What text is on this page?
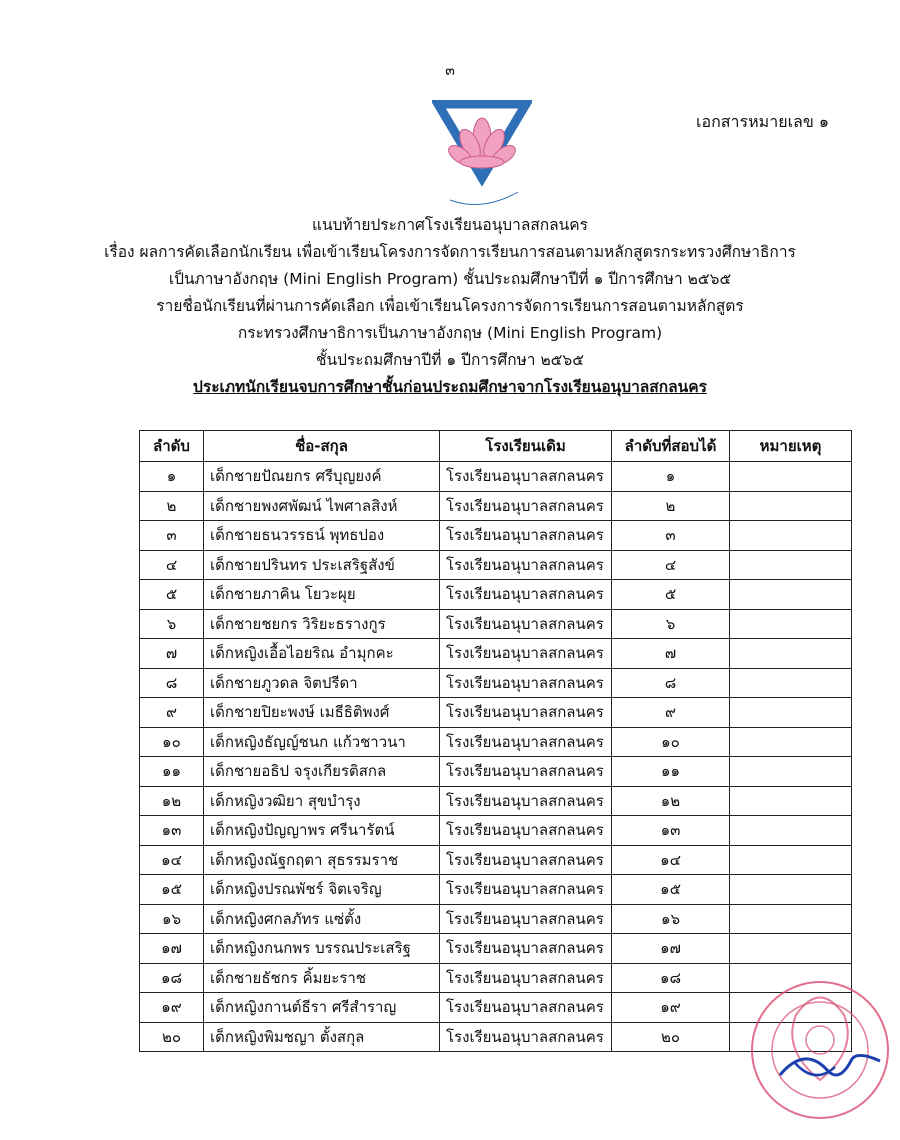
๓
เอกสารหมายเลข ๑
แนบท้ายประกาศโรงเรียนอนุบาลสกลนคร
เรื่อง ผลการคัดเลือกนักเรียน เพื่อเข้าเรียนโครงการจัดการเรียนการสอนตามหลักสูตรกระทรวงศึกษาธิการ
เป็นภาษาอังกฤษ (Mini English Program) ชั้นประถมศึกษาปีที่ ๑ ปีการศึกษา ๒๕๖๕
รายชื่อนักเรียนที่ผ่านการคัดเลือก เพื่อเข้าเรียนโครงการจัดการเรียนการสอนตามหลักสูตร
กระทรวงศึกษาธิการเป็นภาษาอังกฤษ (Mini English Program)
ชั้นประถมศึกษาปีที่ ๑ ปีการศึกษา ๒๕๖๕
ประเภทนักเรียนจบการศึกษาชั้นก่อนประถมศึกษาจากโรงเรียนอนุบาลสกลนคร
ลำดับ	ชื่อ-สกุล	โรงเรียนเดิม	ลำดับที่สอบได้	หมายเหตุ
๑	เด็กชายปัณยกร ศรีบุญยงค์	โรงเรียนอนุบาลสกลนคร	๑	
๒	เด็กชายพงศพัฒน์ ไพศาลสิงห์	โรงเรียนอนุบาลสกลนคร	๒	
๓	เด็กชายธนวรรธน์ พุทธปอง	โรงเรียนอนุบาลสกลนคร	๓	
๔	เด็กชายปรินทร ประเสริฐสังข์	โรงเรียนอนุบาลสกลนคร	๔	
๕	เด็กชายภาคิน โยวะผุย	โรงเรียนอนุบาลสกลนคร	๕	
๖	เด็กชายชยกร วิริยะธรางกูร	โรงเรียนอนุบาลสกลนคร	๖	
๗	เด็กหญิงเอื้อไอยริณ อำมุกคะ	โรงเรียนอนุบาลสกลนคร	๗	
๘	เด็กชายภูวดล จิตปรีดา	โรงเรียนอนุบาลสกลนคร	๘	
๙	เด็กชายปิยะพงษ์ เมธีธิติพงศ์	โรงเรียนอนุบาลสกลนคร	๙	
๑๐	เด็กหญิงธัญญ์ชนก แก้วชาวนา	โรงเรียนอนุบาลสกลนคร	๑๐	
๑๑	เด็กชายอธิป จรุงเกียรติสกล	โรงเรียนอนุบาลสกลนคร	๑๑	
๑๒	เด็กหญิงวฒิยา สุขบำรุง	โรงเรียนอนุบาลสกลนคร	๑๒	
๑๓	เด็กหญิงปัญญาพร ศรีนารัตน์	โรงเรียนอนุบาลสกลนคร	๑๓	
๑๔	เด็กหญิงณัฐกฤตา สุธรรมราช	โรงเรียนอนุบาลสกลนคร	๑๔	
๑๕	เด็กหญิงปรณพัชร์ จิตเจริญ	โรงเรียนอนุบาลสกลนคร	๑๕	
๑๖	เด็กหญิงศกลภัทร แซ่ตั้ง	โรงเรียนอนุบาลสกลนคร	๑๖	
๑๗	เด็กหญิงกนกพร บรรณประเสริฐ	โรงเรียนอนุบาลสกลนคร	๑๗	
๑๘	เด็กชายธัชกร คิ้มยะราช	โรงเรียนอนุบาลสกลนคร	๑๘	
๑๙	เด็กหญิงกานต์ธีรา ศรีสำราญ	โรงเรียนอนุบาลสกลนคร	๑๙	
๒๐	เด็กหญิงพิมชญา ตั้งสกุล	โรงเรียนอนุบาลสกลนคร	๒๐	
